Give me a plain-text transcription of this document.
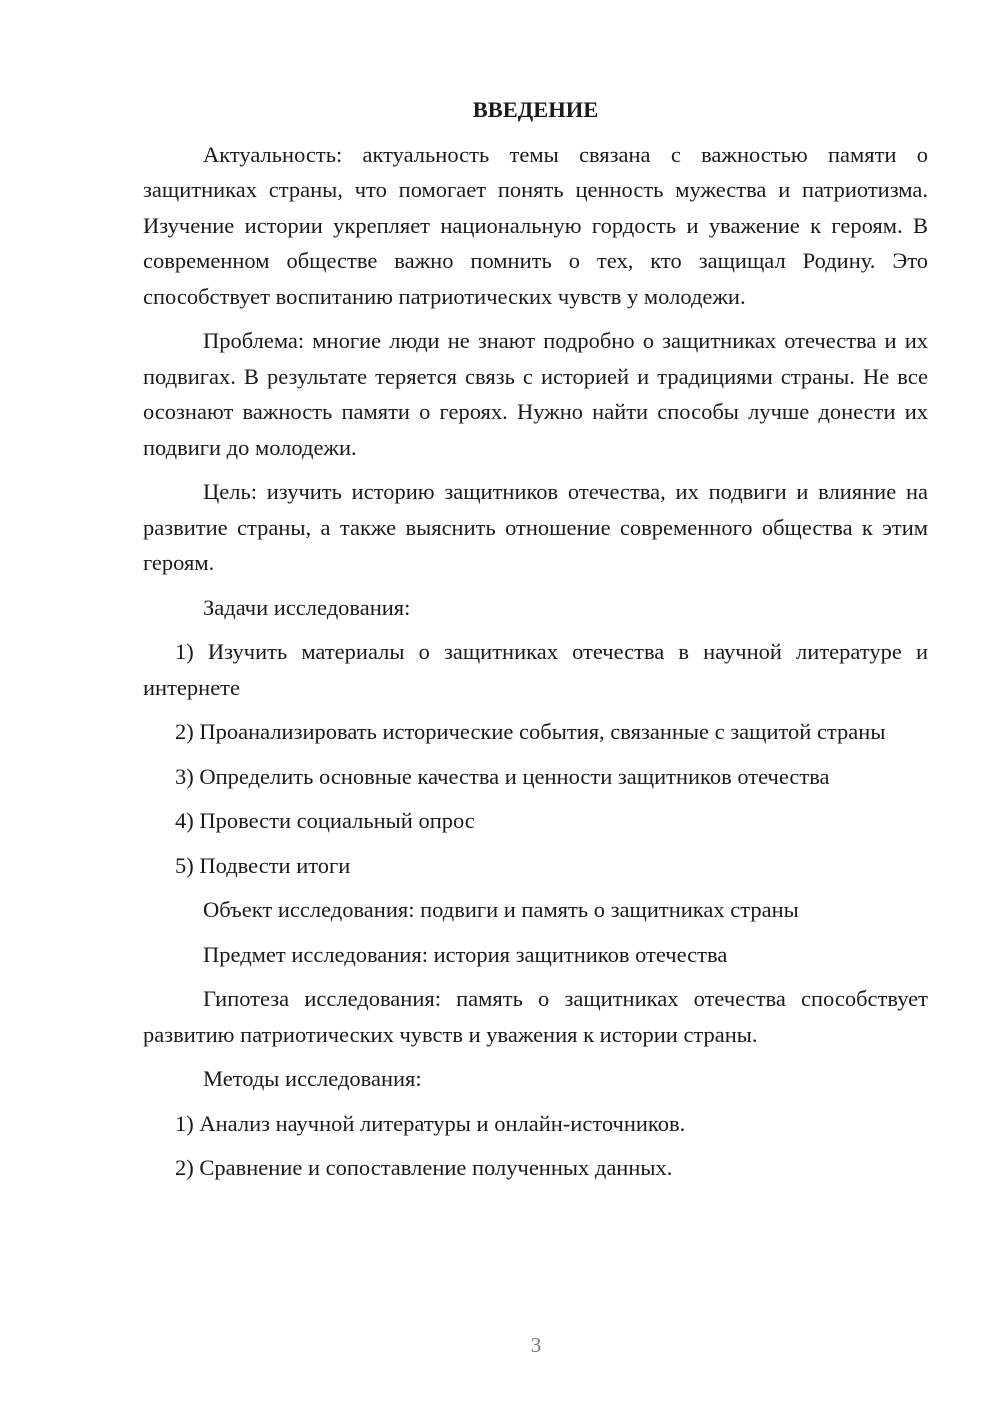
ВВЕДЕНИЕ

Актуальность: актуальность темы связана с важностью памяти о защитниках страны, что помогает понять ценность мужества и патриотизма. Изучение истории укрепляет национальную гордость и уважение к героям. В современном обществе важно помнить о тех, кто защищал Родину. Это способствует воспитанию патриотических чувств у молодежи.

Проблема: многие люди не знают подробно о защитниках отечества и их подвигах. В результате теряется связь с историей и традициями страны. Не все осознают важность памяти о героях. Нужно найти способы лучше донести их подвиги до молодежи.

Цель: изучить историю защитников отечества, их подвиги и влияние на развитие страны, а также выяснить отношение современного общества к этим героям.

Задачи исследования:

1) Изучить материалы о защитниках отечества в научной литературе и интернете

2) Проанализировать исторические события, связанные с защитой страны

3) Определить основные качества и ценности защитников отечества

4) Провести социальный опрос

5) Подвести итоги

Объект исследования: подвиги и память о защитниках страны

Предмет исследования: история защитников отечества

Гипотеза исследования: память о защитниках отечества способствует развитию патриотических чувств и уважения к истории страны.

Методы исследования:

1) Анализ научной литературы и онлайн-источников.

2) Сравнение и сопоставление полученных данных.

3
